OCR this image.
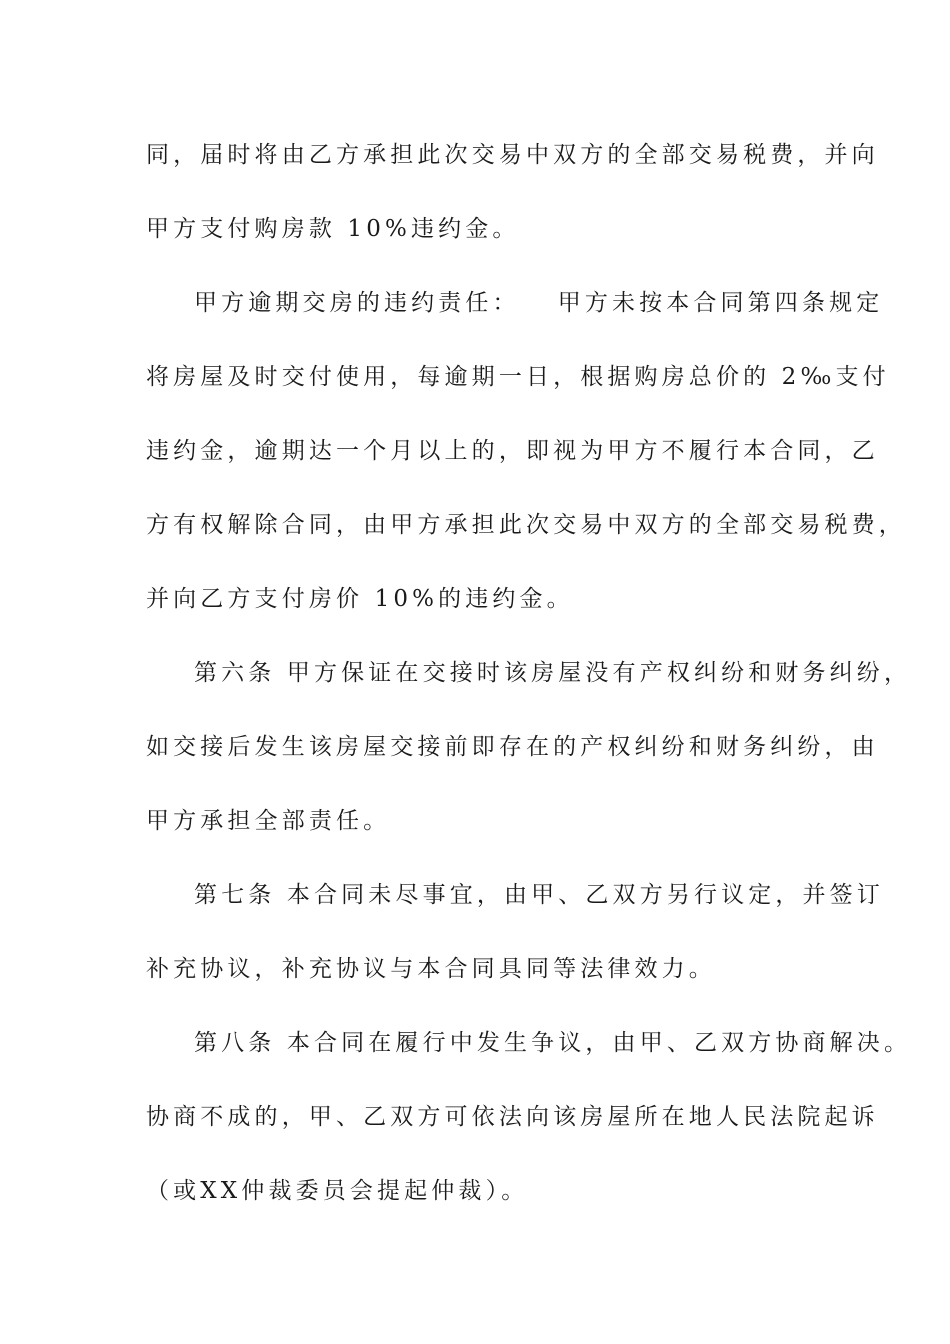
同，届时将由乙方承担此次交易中双方的全部交易税费，并向
甲方支付购房款 10%违约金。
甲方逾期交房的违约责任： 甲方未按本合同第四条规定
将房屋及时交付使用，每逾期一日，根据购房总价的 2‰支付
违约金，逾期达一个月以上的，即视为甲方不履行本合同，乙
方有权解除合同，由甲方承担此次交易中双方的全部交易税费，
并向乙方支付房价 10%的违约金。
第六条 甲方保证在交接时该房屋没有产权纠纷和财务纠纷，
如交接后发生该房屋交接前即存在的产权纠纷和财务纠纷，由
甲方承担全部责任。
第七条 本合同未尽事宜，由甲、乙双方另行议定，并签订
补充协议，补充协议与本合同具同等法律效力。
第八条 本合同在履行中发生争议，由甲、乙双方协商解决。
协商不成的，甲、乙双方可依法向该房屋所在地人民法院起诉
（或XX仲裁委员会提起仲裁）。
